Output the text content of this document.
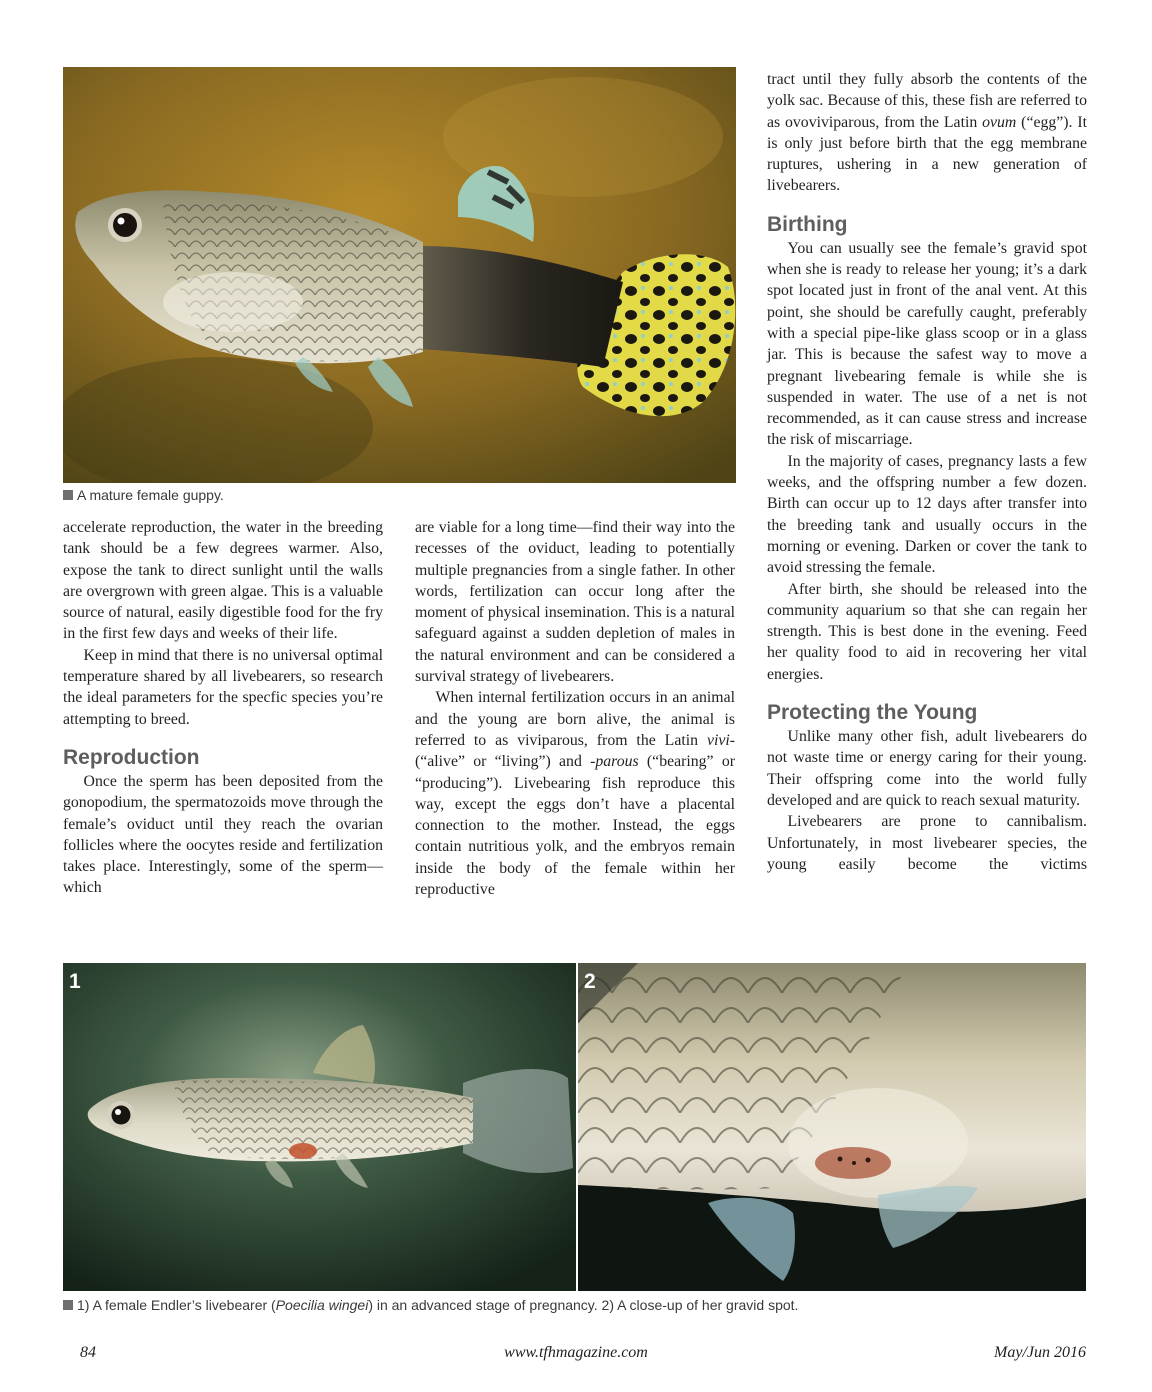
A mature female guppy.

accelerate reproduction, the water in the breeding tank should be a few degrees warmer. Also, expose the tank to direct sunlight until the walls are overgrown with green algae. This is a valuable source of natural, easily digestible food for the fry in the first few days and weeks of their life.

Keep in mind that there is no universal optimal temperature shared by all livebearers, so research the ideal parameters for the specfic species you’re attempting to breed.

Reproduction

Once the sperm has been deposited from the gonopodium, the spermatozoids move through the female’s oviduct until they reach the ovarian follicles where the oocytes reside and fertilization takes place. Interestingly, some of the sperm—which

are viable for a long time—find their way into the recesses of the oviduct, leading to potentially multiple pregnancies from a single father. In other words, fertilization can occur long after the moment of physical insemination. This is a natural safeguard against a sudden depletion of males in the natural environment and can be considered a survival strategy of livebearers.

When internal fertilization occurs in an animal and the young are born alive, the animal is referred to as viviparous, from the Latin vivi- (“alive” or “living”) and -parous (“bearing” or “producing”). Livebearing fish reproduce this way, except the eggs don’t have a placental connection to the mother. Instead, the eggs contain nutritious yolk, and the embryos remain inside the body of the female within her reproductive

tract until they fully absorb the contents of the yolk sac. Because of this, these fish are referred to as ovoviviparous, from the Latin ovum (“egg”). It is only just before birth that the egg membrane ruptures, ushering in a new generation of livebearers.

Birthing

You can usually see the female’s gravid spot when she is ready to release her young; it’s a dark spot located just in front of the anal vent. At this point, she should be carefully caught, preferably with a special pipe-like glass scoop or in a glass jar. This is because the safest way to move a pregnant livebearing female is while she is suspended in water. The use of a net is not recommended, as it can cause stress and increase the risk of miscarriage.

In the majority of cases, pregnancy lasts a few weeks, and the offspring number a few dozen. Birth can occur up to 12 days after transfer into the breeding tank and usually occurs in the morning or evening. Darken or cover the tank to avoid stressing the female.

After birth, she should be released into the community aquarium so that she can regain her strength. This is best done in the evening. Feed her quality food to aid in recovering her vital energies.

Protecting the Young

Unlike many other fish, adult livebearers do not waste time or energy caring for their young. Their offspring come into the world fully developed and are quick to reach sexual maturity.

Livebearers are prone to cannibalism. Unfortunately, in most livebearer species, the young easily become the victims

1	2
1) A female Endler’s livebearer (Poecilia wingei) in an advanced stage of pregnancy. 2) A close-up of her gravid spot.
84	www.tfhmagazine.com	May/Jun 2016
